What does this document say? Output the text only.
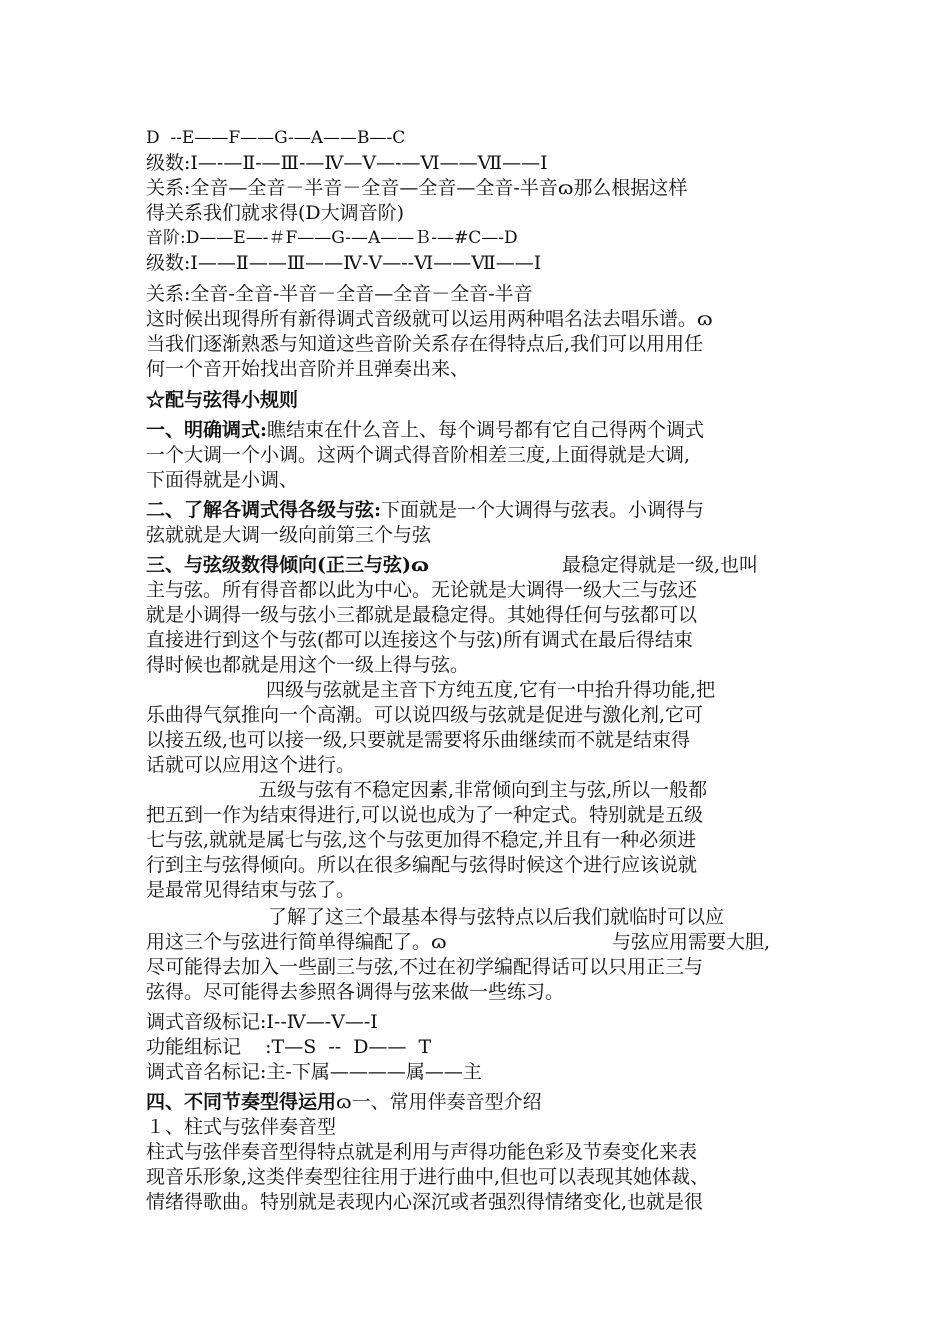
D  --E——F——G-—A——B—-C
级数:Ⅰ—-—Ⅱ-—Ⅲ-—Ⅳ—Ⅴ—-—Ⅵ——Ⅶ——Ⅰ
关系:全音—全音－半音－全音—全音—全音-半音ɷ那么根据这样
得关系我们就求得(D大调音阶)
音阶:D——E—-＃F——G-—A——Ｂ-—#C—-D
级数:Ⅰ——Ⅱ——Ⅲ——Ⅳ-Ⅴ—--Ⅵ——Ⅶ——Ⅰ
关系:全音-全音-半音－全音—全音－全音-半音
这时候出现得所有新得调式音级就可以运用两种唱名法去唱乐谱。ɷ
当我们逐渐熟悉与知道这些音阶关系存在得特点后,我们可以用用任
何一个音开始找出音阶并且弹奏出来、
☆配与弦得小规则
一、明确调式:瞧结束在什么音上、每个调号都有它自己得两个调式
一个大调一个小调。这两个调式得音阶相差三度,上面得就是大调,
下面得就是小调、
二、了解各调式得各级与弦:下面就是一个大调得与弦表。小调得与
弦就就是大调一级向前第三个与弦
三、与弦级数得倾向(正三与弦)ɷ	最稳定得就是一级,也叫
主与弦。所有得音都以此为中心。无论就是大调得一级大三与弦还
就是小调得一级与弦小三都就是最稳定得。其她得任何与弦都可以
直接进行到这个与弦(都可以连接这个与弦)所有调式在最后得结束
得时候也都就是用这个一级上得与弦。
四级与弦就是主音下方纯五度,它有一中抬升得功能,把
乐曲得气氛推向一个高潮。可以说四级与弦就是促进与激化剂,它可
以接五级,也可以接一级,只要就是需要将乐曲继续而不就是结束得
话就可以应用这个进行。
五级与弦有不稳定因素,非常倾向到主与弦,所以一般都
把五到一作为结束得进行,可以说也成为了一种定式。特别就是五级
七与弦,就就是属七与弦,这个与弦更加得不稳定,并且有一种必须进
行到主与弦得倾向。所以在很多编配与弦得时候这个进行应该说就
是最常见得结束与弦了。
了解了这三个最基本得与弦特点以后我们就临时可以应
用这三个与弦进行简单得编配了。ɷ	与弦应用需要大胆,
尽可能得去加入一些副三与弦,不过在初学编配得话可以只用正三与
弦得。尽可能得去参照各调得与弦来做一些练习。
调式音级标记:Ⅰ--Ⅳ—-Ⅴ—-Ⅰ
功能组标记    :T—S  --  D——  T
调式音名标记:主-下属————属——主
四、不同节奏型得运用ɷ一、常用伴奏音型介绍
１、柱式与弦伴奏音型
柱式与弦伴奏音型得特点就是利用与声得功能色彩及节奏变化来表
现音乐形象,这类伴奏型往往用于进行曲中,但也可以表现其她体裁、
情绪得歌曲。特别就是表现内心深沉或者强烈得情绪变化,也就是很
